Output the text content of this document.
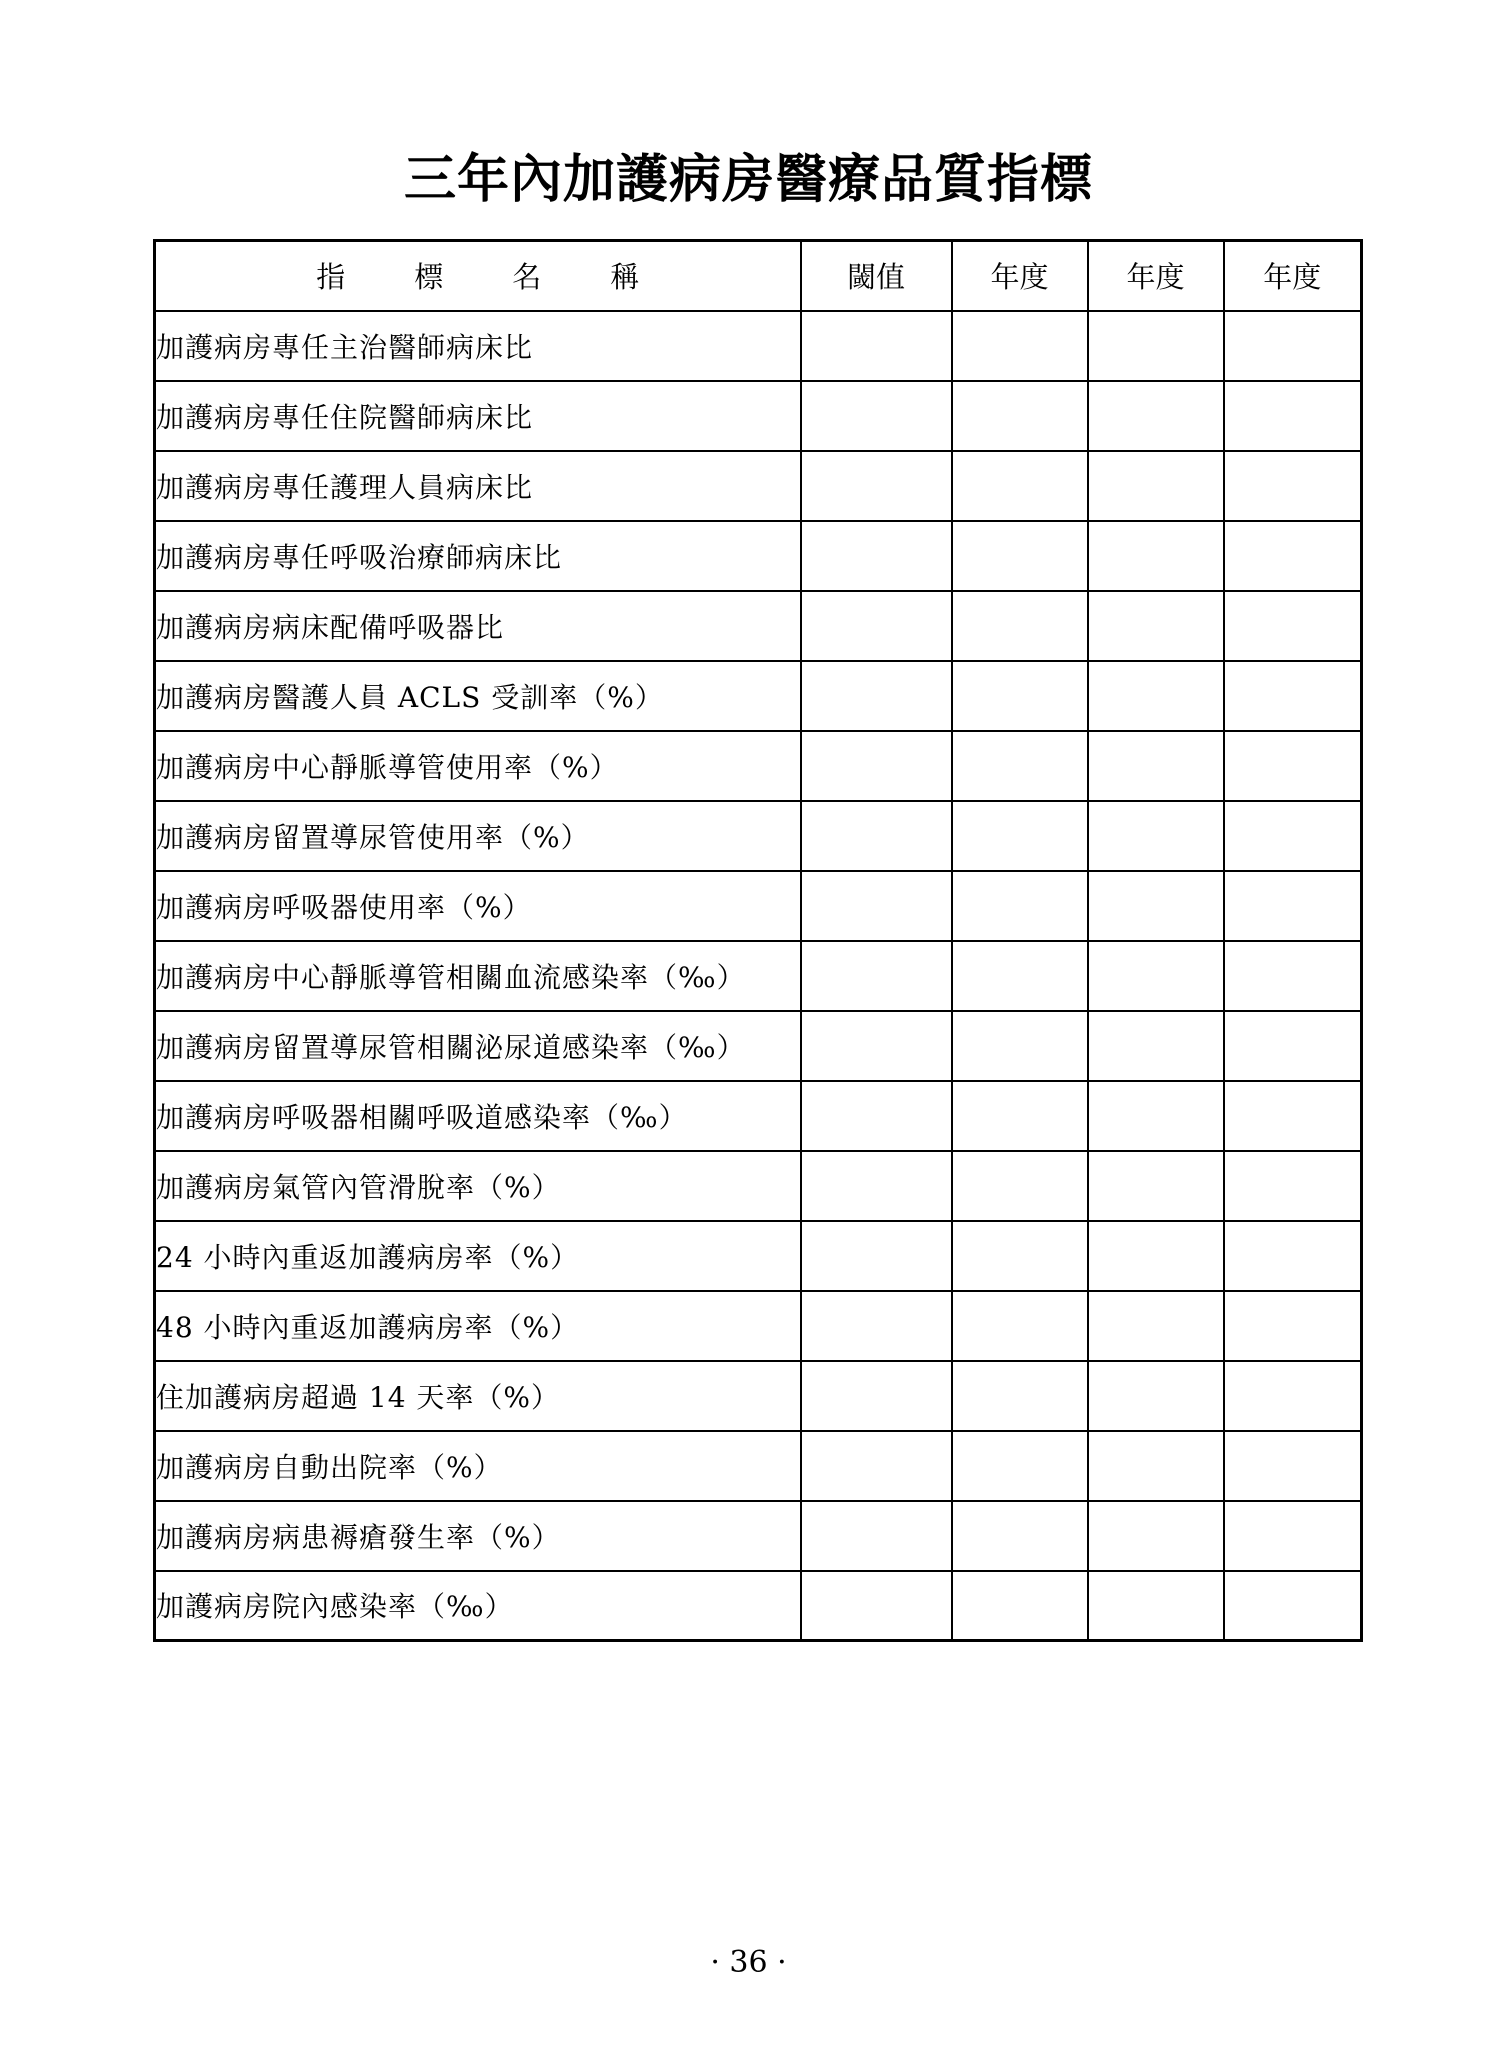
三年內加護病房醫療品質指標
指 標 名 稱	閾值	年度	年度	年度
加護病房專任主治醫師病床比				
加護病房專任住院醫師病床比				
加護病房專任護理人員病床比				
加護病房專任呼吸治療師病床比				
加護病房病床配備呼吸器比				
加護病房醫護人員 ACLS 受訓率（%）				
加護病房中心靜脈導管使用率（%）				
加護病房留置導尿管使用率（%）				
加護病房呼吸器使用率（%）				
加護病房中心靜脈導管相關血流感染率（‰）				
加護病房留置導尿管相關泌尿道感染率（‰）				
加護病房呼吸器相關呼吸道感染率（‰）				
加護病房氣管內管滑脫率（%）				
24 小時內重返加護病房率（%）				
48 小時內重返加護病房率（%）				
住加護病房超過 14 天率（%）				
加護病房自動出院率（%）				
加護病房病患褥瘡發生率（%）				
加護病房院內感染率（‰）				
· 36 ·
